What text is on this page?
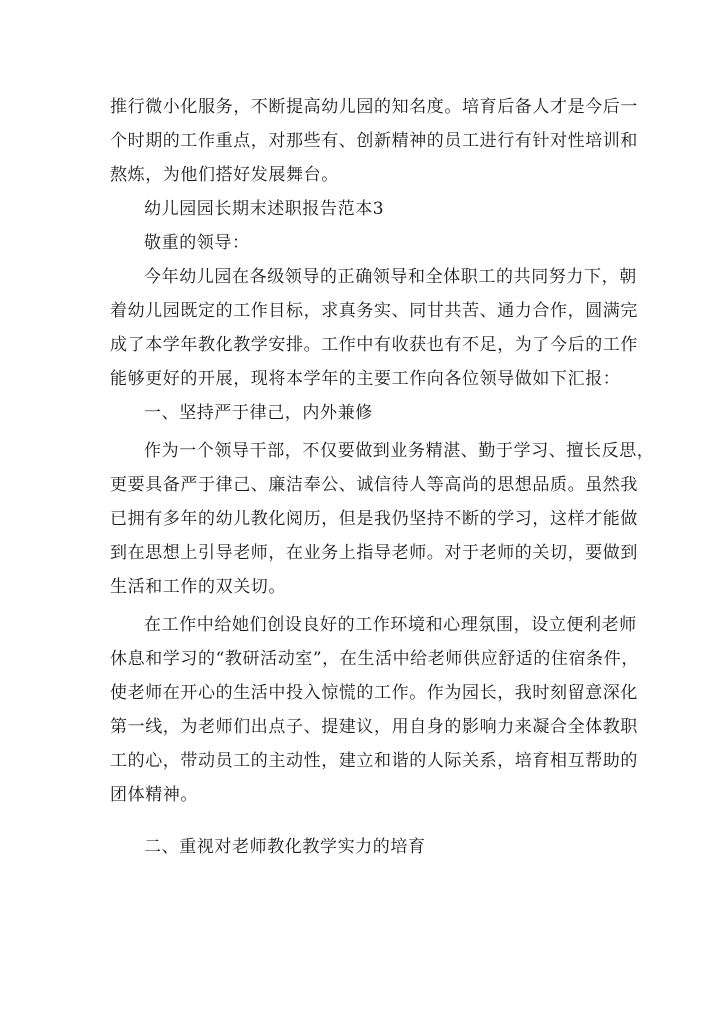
推行微小化服务，不断提高幼儿园的知名度。培育后备人才是今后一
个时期的工作重点，对那些有、创新精神的员工进行有针对性培训和
熬炼，为他们搭好发展舞台。
幼儿园园长期末述职报告范本3
敬重的领导：
今年幼儿园在各级领导的正确领导和全体职工的共同努力下，朝
着幼儿园既定的工作目标，求真务实、同甘共苦、通力合作，圆满完
成了本学年教化教学安排。工作中有收获也有不足，为了今后的工作
能够更好的开展，现将本学年的主要工作向各位领导做如下汇报：
一、坚持严于律己，内外兼修
作为一个领导干部，不仅要做到业务精湛、勤于学习、擅长反思，
更要具备严于律己、廉洁奉公、诚信待人等高尚的思想品质。虽然我
已拥有多年的幼儿教化阅历，但是我仍坚持不断的学习，这样才能做
到在思想上引导老师，在业务上指导老师。对于老师的关切，要做到
生活和工作的双关切。
在工作中给她们创设良好的工作环境和心理氛围，设立便利老师
休息和学习的“教研活动室”，在生活中给老师供应舒适的住宿条件，
使老师在开心的生活中投入惊慌的工作。作为园长，我时刻留意深化
第一线，为老师们出点子、提建议，用自身的影响力来凝合全体教职
工的心，带动员工的主动性，建立和谐的人际关系，培育相互帮助的
团体精神。
二、重视对老师教化教学实力的培育
